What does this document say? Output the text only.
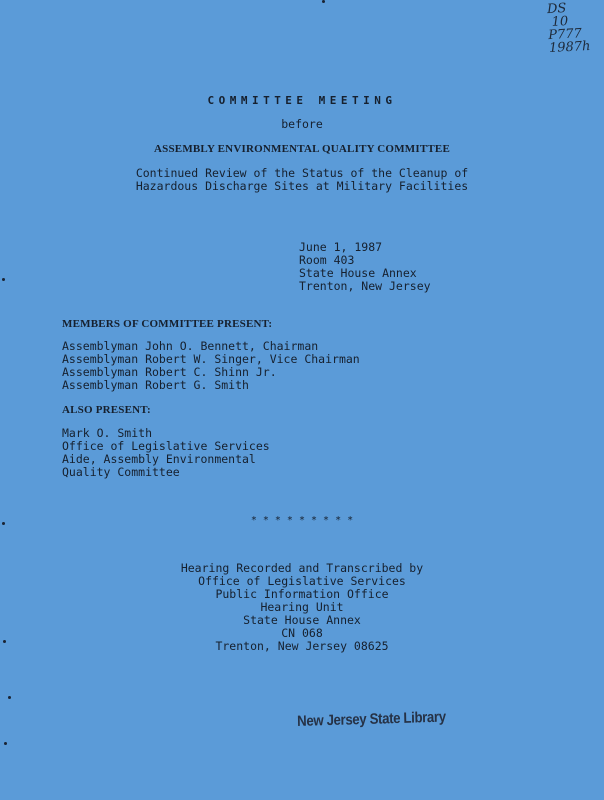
DS
10
P777
1987h
COMMITTEE MEETING
before
ASSEMBLY ENVIRONMENTAL QUALITY COMMITTEE
Continued Review of the Status of the Cleanup of
Hazardous Discharge Sites at Military Facilities
June 1, 1987
Room 403
State House Annex
Trenton, New Jersey
MEMBERS OF COMMITTEE PRESENT:
Assemblyman John O. Bennett, Chairman
Assemblyman Robert W. Singer, Vice Chairman
Assemblyman Robert C. Shinn Jr.
Assemblyman Robert G. Smith
ALSO PRESENT:
Mark O. Smith
Office of Legislative Services
Aide, Assembly Environmental
Quality Committee
* * * * * * * * *
Hearing Recorded and Transcribed by
Office of Legislative Services
Public Information Office
Hearing Unit
State House Annex
CN 068
Trenton, New Jersey 08625
New Jersey State Library
